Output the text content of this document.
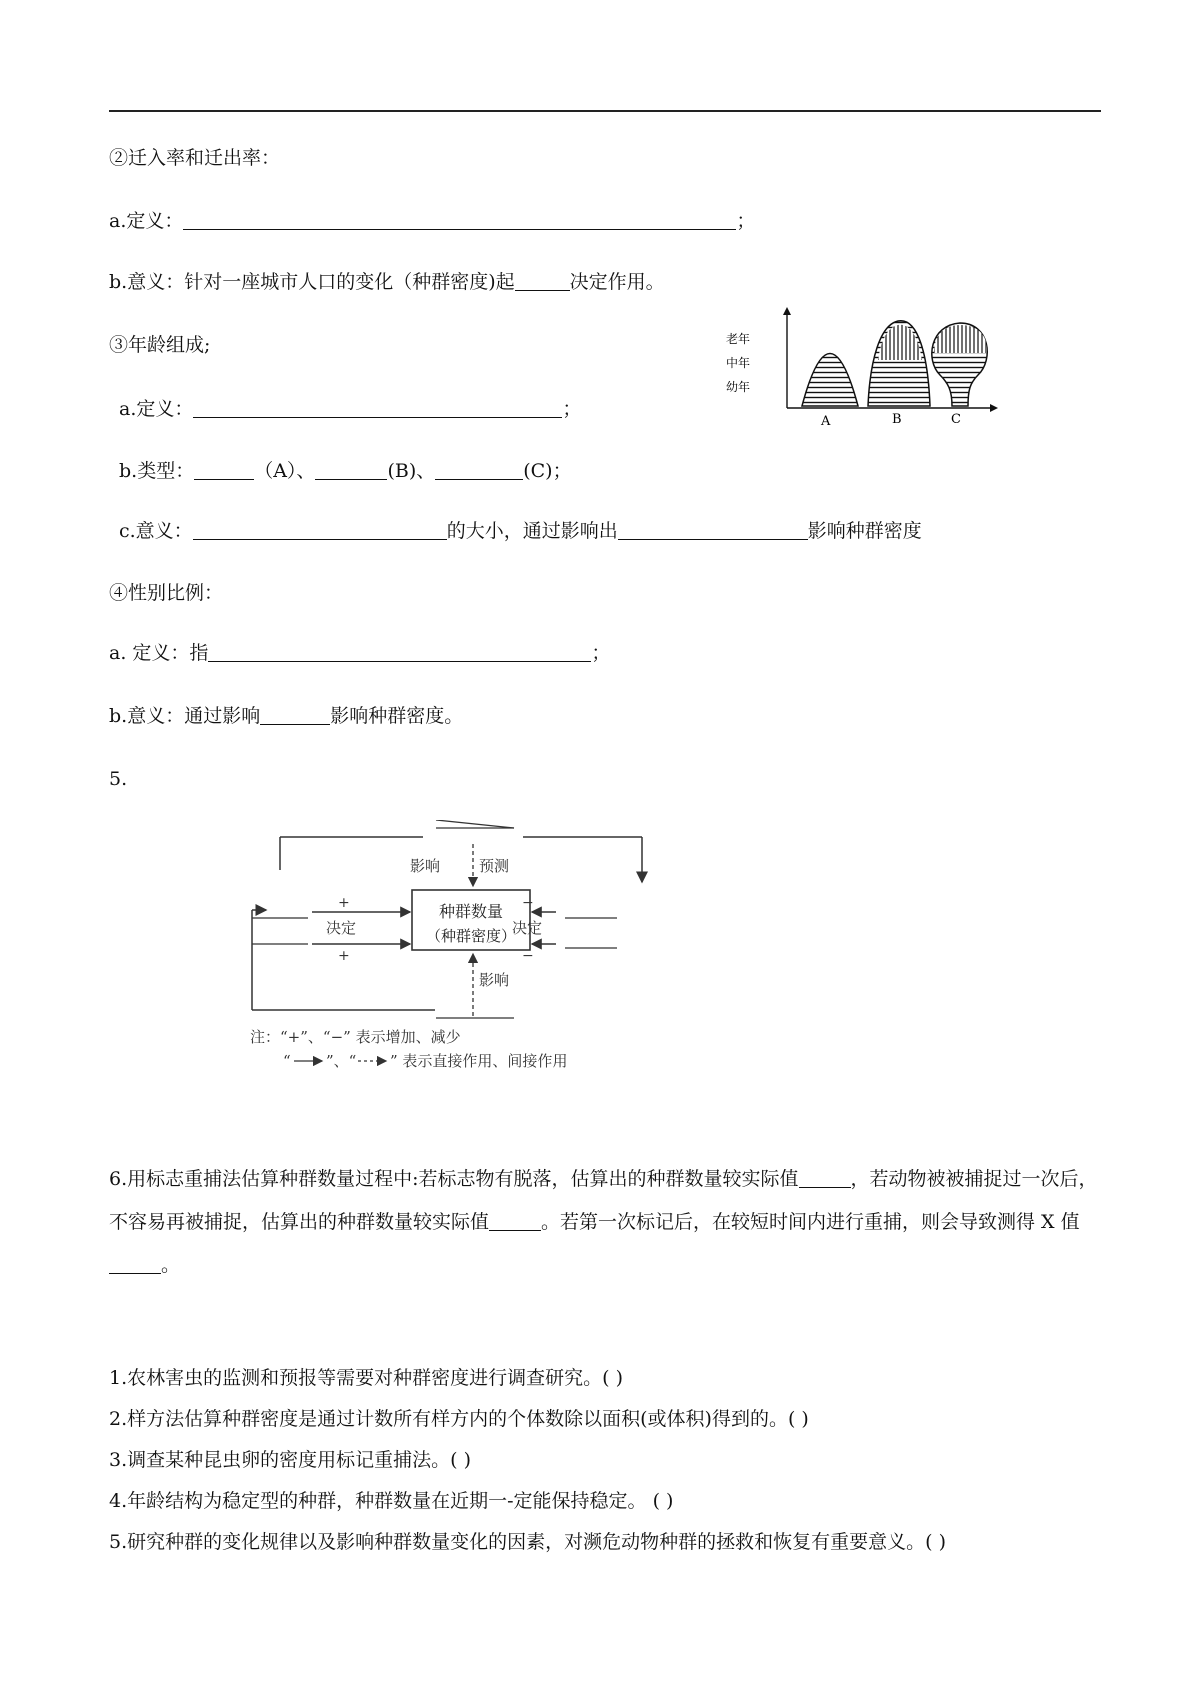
②迁入率和迁出率：
a.定义：	；
b.意义：针对一座城市人口的变化（种群密度)起	决定作用。
③年龄组成;
a.定义：	；
b.类型：	（A）、	(B)、	(C)；
c.意义：	的大小，通过影响出	影响种群密度
④性别比例：
a. 定义：指	；
b.意义：通过影响	影响种群密度。
老年
中年
幼年
A	B	C
5.
影响	预测
种群数量
（种群密度）
+
+
决定
−
−
决定
影响
注：“+”、“−” 表示增加、减少
“ ”、“ ” 表示直接作用、间接作用
6.用标志重捕法估算种群数量过程中:若标志物有脱落，估算出的种群数量较实际值	，若动物被被捕捉过一次后，不容易再被捕捉，估算出的种群数量较实际值	。若第一次标记后，在较短时间内进行重捕，则会导致测得 X 值。
1.农林害虫的监测和预报等需要对种群密度进行调查研究。( )
2.样方法估算种群密度是通过计数所有样方内的个体数除以面积(或体积)得到的。( )
3.调查某种昆虫卵的密度用标记重捕法。( )
4.年龄结构为稳定型的种群，种群数量在近期一-定能保持稳定。 ( )
5.研究种群的变化规律以及影响种群数量变化的因素，对濒危动物种群的拯救和恢复有重要意义。( )
